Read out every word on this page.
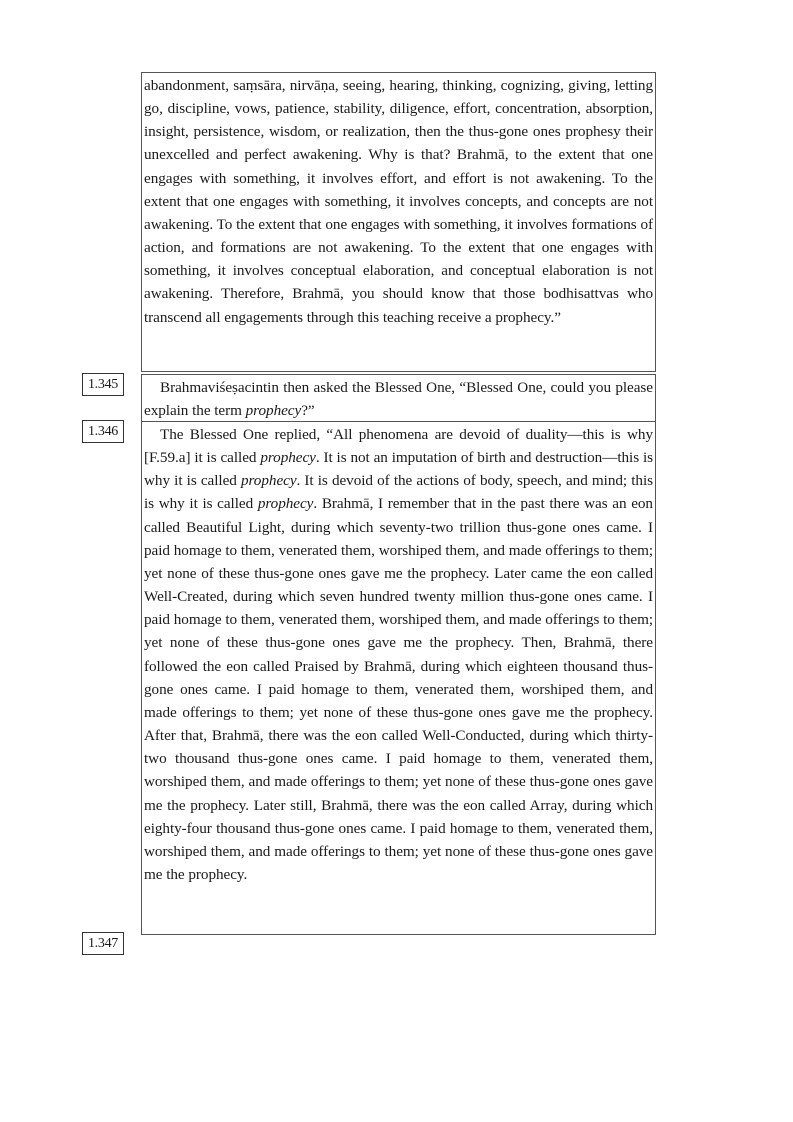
abandonment, saṃsāra, nirvāṇa, seeing, hearing, thinking, cognizing, giving, letting go, discipline, vows, patience, stability, diligence, effort, concentration, absorption, insight, persistence, wisdom, or realization, then the thus-gone ones prophesy their unexcelled and perfect awakening. Why is that? Brahmā, to the extent that one engages with something, it involves effort, and effort is not awakening. To the extent that one engages with something, it involves concepts, and concepts are not awakening. To the extent that one engages with something, it involves formations of action, and formations are not awakening. To the extent that one engages with something, it involves conceptual elaboration, and conceptual elaboration is not awakening. Therefore, Brahmā, you should know that those bodhisattvas who transcend all engagements through this teaching receive a prophecy.”

1.345	Brahmaviśeṣacintin then asked the Blessed One, “Blessed One, could you please explain the term prophecy?”

1.346	The Blessed One replied, “All phenomena are devoid of duality—this is why [F.59.a] it is called prophecy. It is not an imputation of birth and destruction—this is why it is called prophecy. It is devoid of the actions of body, speech, and mind; this is why it is called prophecy. Brahmā, I remember that in the past there was an eon called Beautiful Light, during which seventy-two trillion thus-gone ones came. I paid homage to them, venerated them, worshiped them, and made offerings to them; yet none of these thus-gone ones gave me the prophecy. Later came the eon called Well-Created, during which seven hundred twenty million thus-gone ones came. I paid homage to them, venerated them, worshiped them, and made offerings to them; yet none of these thus-gone ones gave me the prophecy. Then, Brahmā, there followed the eon called Praised by Brahmā, during which eighteen thousand thus-gone ones came. I paid homage to them, venerated them, worshiped them, and made offerings to them; yet none of these thus-gone ones gave me the prophecy. After that, Brahmā, there was the eon called Well-Conducted, during which thirty-two thousand thus-gone ones came. I paid homage to them, venerated them, worshiped them, and made offerings to them; yet none of these thus-gone ones gave me the prophecy. Later still, Brahmā, there was the eon called Array, during which eighty-four thousand thus-gone ones came. I paid homage to them, venerated them, worshiped them, and made offerings to them; yet none of these thus-gone ones gave me the prophecy.

1.347
